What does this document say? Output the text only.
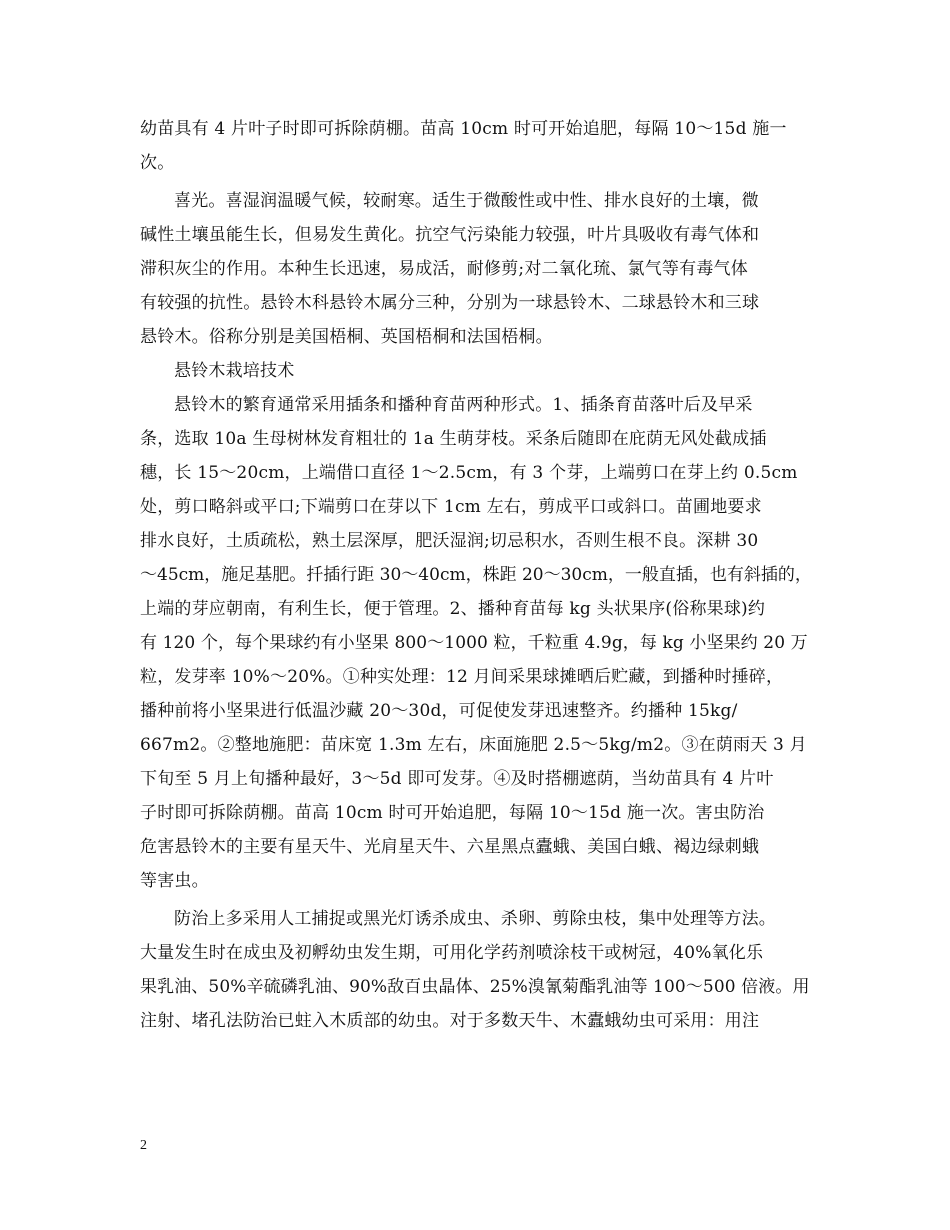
幼苗具有 4 片叶子时即可拆除荫棚。苗高 10cm 时可开始追肥，每隔 10～15d 施一
次。
喜光。喜湿润温暖气候，较耐寒。适生于微酸性或中性、排水良好的土壤，微
碱性土壤虽能生长，但易发生黄化。抗空气污染能力较强，叶片具吸收有毒气体和
滞积灰尘的作用。本种生长迅速，易成活，耐修剪;对二氧化琉、氯气等有毒气体
有较强的抗性。悬铃木科悬铃木属分三种，分别为一球悬铃木、二球悬铃木和三球
悬铃木。俗称分别是美国梧桐、英国梧桐和法国梧桐。
悬铃木栽培技术
悬铃木的繁育通常采用插条和播种育苗两种形式。1、插条育苗落叶后及早采
条，选取 10a 生母树林发育粗壮的 1a 生萌芽枝。采条后随即在庇荫无风处截成插
穗，长 15～20cm，上端借口直径 1～2.5cm，有 3 个芽，上端剪口在芽上约 0.5cm
处，剪口略斜或平口;下端剪口在芽以下 1cm 左右，剪成平口或斜口。苗圃地要求
排水良好，土质疏松，熟土层深厚，肥沃湿润;切忌积水，否则生根不良。深耕 30
～45cm，施足基肥。扦插行距 30～40cm，株距 20～30cm，一般直插，也有斜插的，
上端的芽应朝南，有利生长，便于管理。2、播种育苗每 kg 头状果序(俗称果球)约
有 120 个，每个果球约有小坚果 800～1000 粒，千粒重 4.9g，每 kg 小坚果约 20 万
粒，发芽率 10%～20%。①种实处理：12 月间采果球摊晒后贮藏，到播种时捶碎，
播种前将小坚果进行低温沙藏 20～30d，可促使发芽迅速整齐。约播种 15kg/
667m2。②整地施肥：苗床宽 1.3m 左右，床面施肥 2.5～5kg/m2。③在荫雨天 3 月
下旬至 5 月上旬播种最好，3～5d 即可发芽。④及时搭棚遮荫，当幼苗具有 4 片叶
子时即可拆除荫棚。苗高 10cm 时可开始追肥，每隔 10～15d 施一次。害虫防治
危害悬铃木的主要有星天牛、光肩星天牛、六星黑点蠹蛾、美国白蛾、褐边绿刺蛾
等害虫。
防治上多采用人工捕捉或黑光灯诱杀成虫、杀卵、剪除虫枝，集中处理等方法。
大量发生时在成虫及初孵幼虫发生期，可用化学药剂喷涂枝干或树冠，40%氧化乐
果乳油、50%辛硫磷乳油、90%敌百虫晶体、25%溴氰菊酯乳油等 100～500 倍液。用
注射、堵孔法防治已蛀入木质部的幼虫。对于多数天牛、木蠹蛾幼虫可采用：用注
2
